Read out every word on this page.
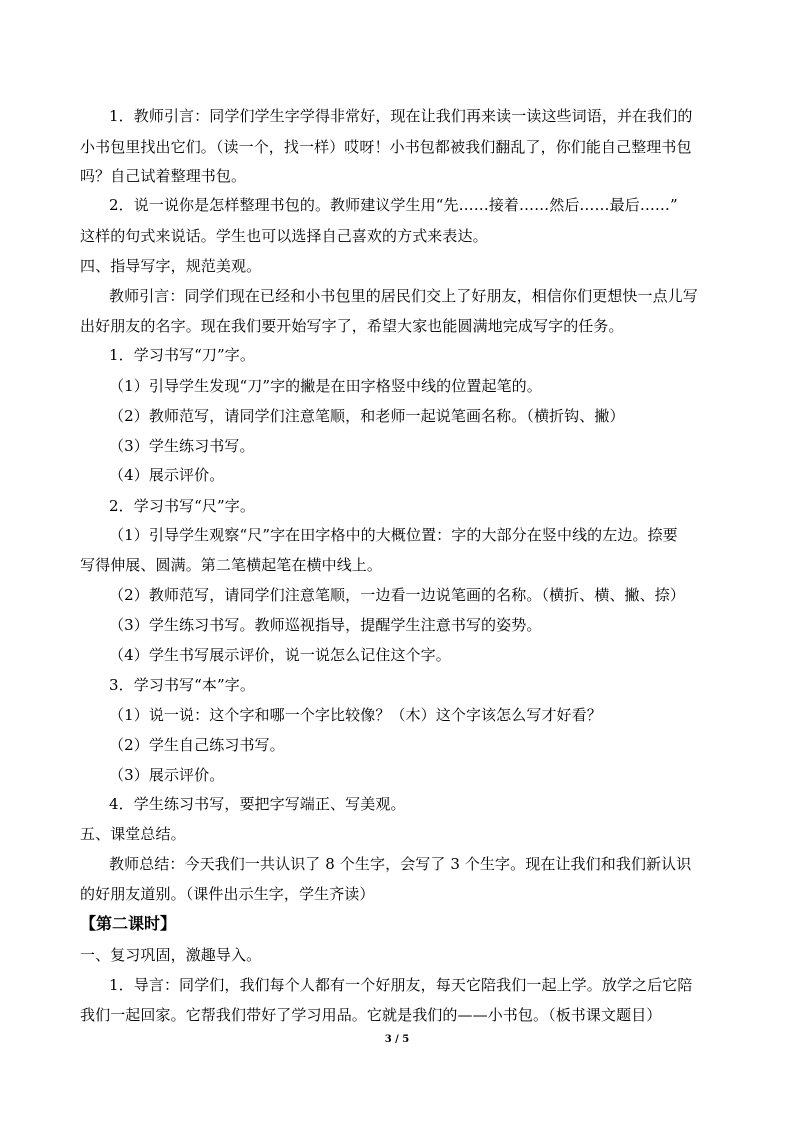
1．教师引言：同学们学生字学得非常好，现在让我们再来读一读这些词语，并在我们的
小书包里找出它们。（读一个，找一样）哎呀！小书包都被我们翻乱了，你们能自己整理书包
吗？自己试着整理书包。
2．说一说你是怎样整理书包的。教师建议学生用“先……接着……然后……最后……”
这样的句式来说话。学生也可以选择自己喜欢的方式来表达。
四、指导写字，规范美观。
教师引言：同学们现在已经和小书包里的居民们交上了好朋友，相信你们更想快一点儿写
出好朋友的名字。现在我们要开始写字了，希望大家也能圆满地完成写字的任务。
1．学习书写“刀”字。
（1）引导学生发现“刀”字的撇是在田字格竖中线的位置起笔的。
（2）教师范写，请同学们注意笔顺，和老师一起说笔画名称。（横折钩、撇）
（3）学生练习书写。
（4）展示评价。
2．学习书写“尺”字。
（1）引导学生观察“尺”字在田字格中的大概位置：字的大部分在竖中线的左边。捺要
写得伸展、圆满。第二笔横起笔在横中线上。
（2）教师范写，请同学们注意笔顺，一边看一边说笔画的名称。（横折、横、撇、捺）
（3）学生练习书写。教师巡视指导，提醒学生注意书写的姿势。
（4）学生书写展示评价，说一说怎么记住这个字。
3．学习书写“本”字。
（1）说一说：这个字和哪一个字比较像？（木）这个字该怎么写才好看？
（2）学生自己练习书写。
（3）展示评价。
4．学生练习书写，要把字写端正、写美观。
五、课堂总结。
教师总结：今天我们一共认识了 8 个生字，会写了 3 个生字。现在让我们和我们新认识
的好朋友道别。（课件出示生字，学生齐读）
【第二课时】
一、复习巩固，激趣导入。
1．导言：同学们，我们每个人都有一个好朋友，每天它陪我们一起上学。放学之后它陪
我们一起回家。它帮我们带好了学习用品。它就是我们的——小书包。（板书课文题目）
3 / 5
